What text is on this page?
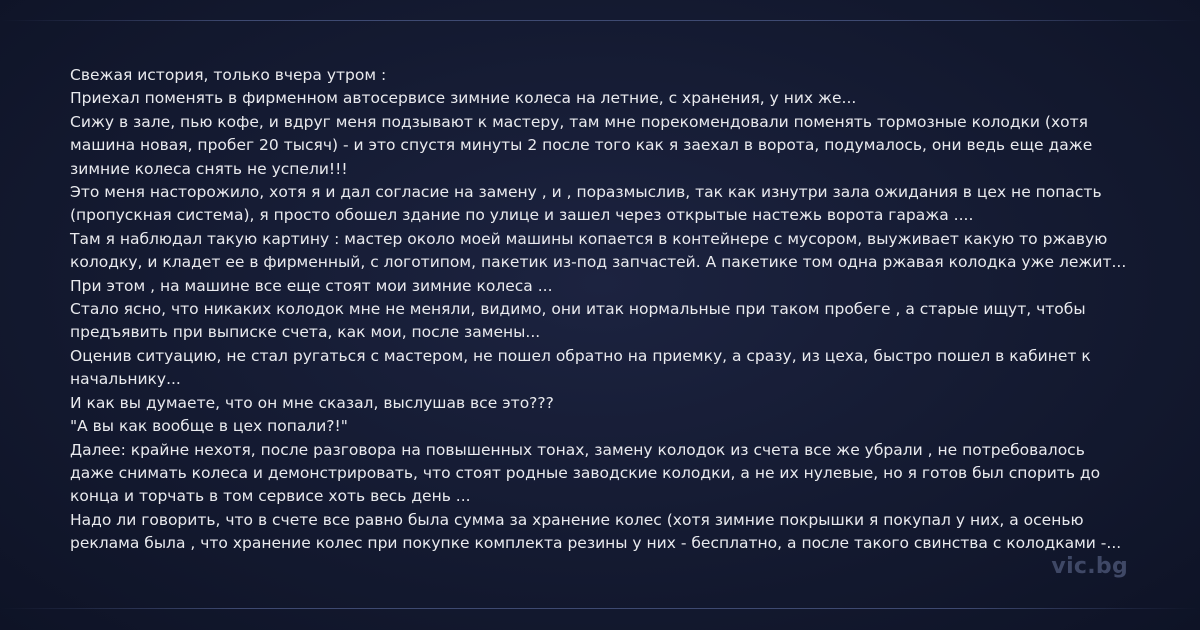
Свежая история, только вчера утром :

Приехал поменять в фирменном автосервисе зимние колеса на летние, с хранения, у них же...

Сижу в зале, пью кофе, и вдруг меня подзывают к мастеру, там мне порекомендовали поменять тормозные колодки (хотя машина новая, пробег 20 тысяч) - и это спустя минуты 2 после того как я заехал в ворота, подумалось, они ведь еще даже зимние колеса снять не успели!!!

Это меня насторожило, хотя я и дал согласие на замену , и , поразмыслив, так как изнутри зала ожидания в цех не попасть (пропускная система), я просто обошел здание по улице и зашел через открытые настежь ворота гаража ....

Там я наблюдал такую картину : мастер около моей машины копается в контейнере с мусором, выуживает какую то ржавую колодку, и кладет ее в фирменный, с логотипом, пакетик из-под запчастей. А пакетике том одна ржавая колодка уже лежит...

При этом , на машине все еще стоят мои зимние колеса ...

Стало ясно, что никаких колодок мне не меняли, видимо, они итак нормальные при таком пробеге , а старые ищут, чтобы предъявить при выписке счета, как мои, после замены...

Оценив ситуацию, не стал ругаться с мастером, не пошел обратно на приемку, а сразу, из цеха, быстро пошел в кабинет к начальнику...

И как вы думаете, что он мне сказал, выслушав все это???

"А вы как вообще в цех попали?!"

Далее: крайне нехотя, после разговора на повышенных тонах, замену колодок из счета все же убрали , не потребовалось даже снимать колеса и демонстрировать, что стоят родные заводские колодки, а не их нулевые, но я готов был спорить до конца и торчать в том сервисе хоть весь день ...

Надо ли говорить, что в счете все равно была сумма за хранение колес (хотя зимние покрышки я покупал у них, а осенью реклама была , что хранение колес при покупке комплекта резины у них - бесплатно, а после такого свинства с колодками -...

vic.bg
